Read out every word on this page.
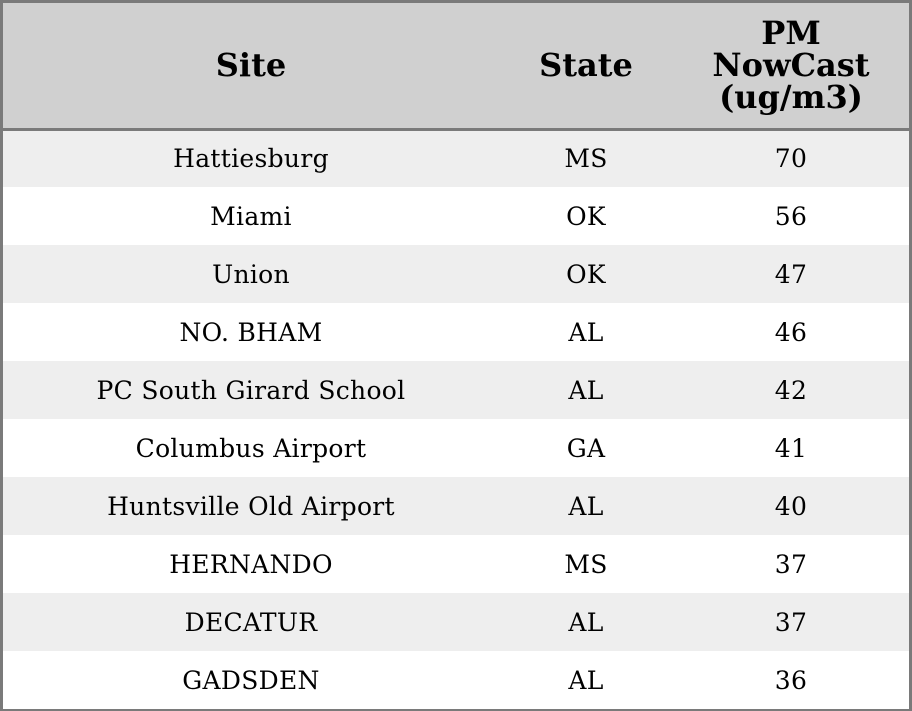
Site	State	PM
NowCast
(ug/m3)

Hattiesburg	MS	70
Miami	OK	56
Union	OK	47
NO. BHAM	AL	46
PC South Girard School	AL	42
Columbus Airport	GA	41
Huntsville Old Airport	AL	40
HERNANDO	MS	37
DECATUR	AL	37
GADSDEN	AL	36
